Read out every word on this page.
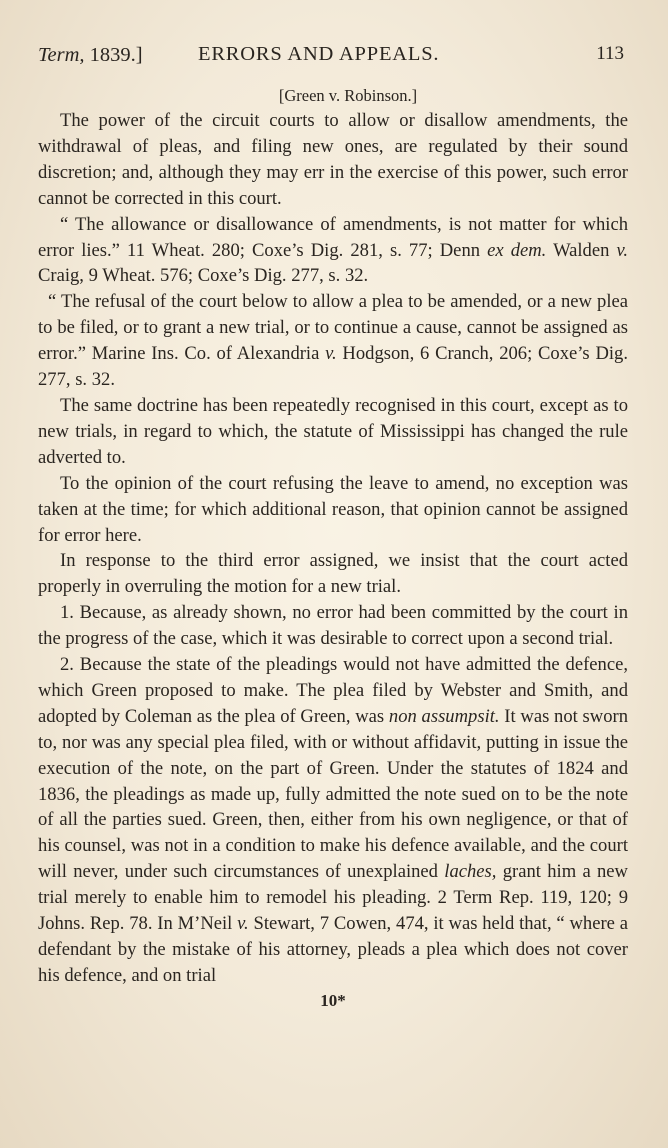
Term, 1839.]	ERRORS AND APPEALS.	113
[Green v. Robinson.]

The power of the circuit courts to allow or disallow amendments, the withdrawal of pleas, and filing new ones, are regulated by their sound discretion; and, although they may err in the exercise of this power, such error cannot be corrected in this court.

“ The allowance or disallowance of amendments, is not matter for which error lies.” 11 Wheat. 280; Coxe’s Dig. 281, s. 77; Denn ex dem. Walden v. Craig, 9 Wheat. 576; Coxe’s Dig. 277, s. 32.

“ The refusal of the court below to allow a plea to be amended, or a new plea to be filed, or to grant a new trial, or to continue a cause, cannot be assigned as error.” Marine Ins. Co. of Alexandria v. Hodgson, 6 Cranch, 206; Coxe’s Dig. 277, s. 32.

The same doctrine has been repeatedly recognised in this court, except as to new trials, in regard to which, the statute of Mississippi has changed the rule adverted to.

To the opinion of the court refusing the leave to amend, no exception was taken at the time; for which additional reason, that opinion cannot be assigned for error here.

In response to the third error assigned, we insist that the court acted properly in overruling the motion for a new trial.

1. Because, as already shown, no error had been committed by the court in the progress of the case, which it was desirable to correct upon a second trial.

2. Because the state of the pleadings would not have admitted the defence, which Green proposed to make. The plea filed by Webster and Smith, and adopted by Coleman as the plea of Green, was non assumpsit. It was not sworn to, nor was any special plea filed, with or without affidavit, putting in issue the execution of the note, on the part of Green. Under the statutes of 1824 and 1836, the pleadings as made up, fully admitted the note sued on to be the note of all the parties sued. Green, then, either from his own negligence, or that of his counsel, was not in a condition to make his defence available, and the court will never, under such circumstances of unexplained laches, grant him a new trial merely to enable him to remodel his pleading. 2 Term Rep. 119, 120; 9 Johns. Rep. 78. In M’Neil v. Stewart, 7 Cowen, 474, it was held that, “ where a defendant by the mistake of his attorney, pleads a plea which does not cover his defence, and on trial

10*
